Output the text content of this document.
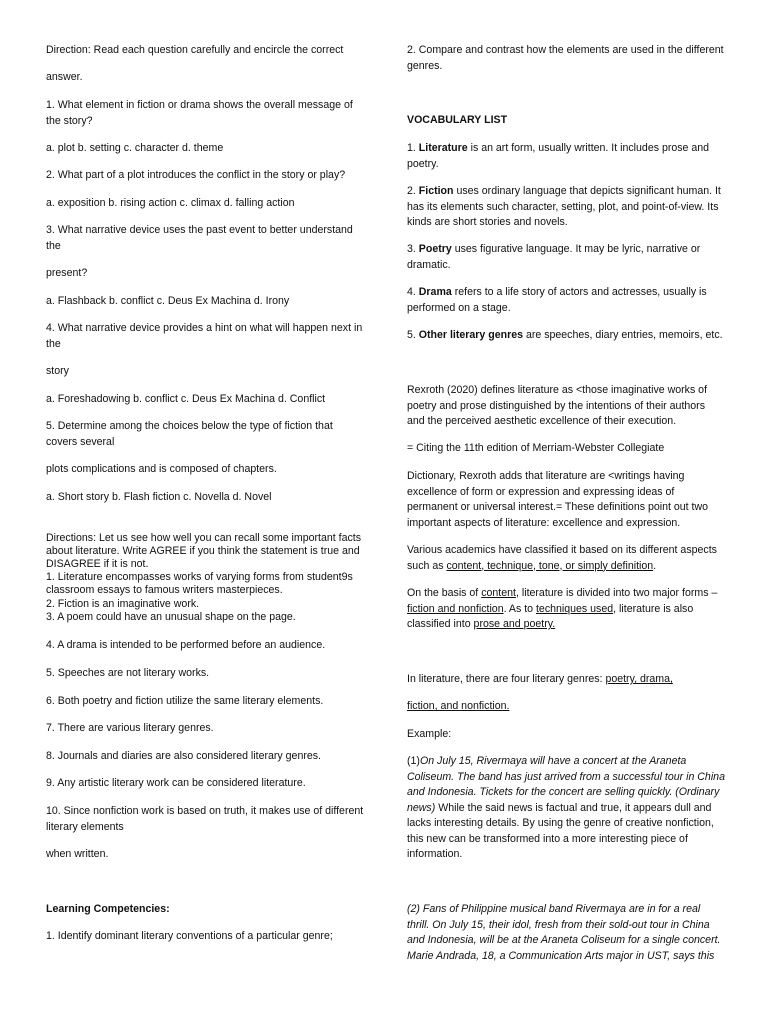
Direction: Read each question carefully and encircle the correct

answer.

1. What element in fiction or drama shows the overall message of the story?

a. plot b. setting c. character d. theme

2. What part of a plot introduces the conflict in the story or play?

a. exposition b. rising action c. climax d. falling action

3. What narrative device uses the past event to better understand the

present?

a. Flashback b. conflict c. Deus Ex Machina d. Irony

4. What narrative device provides a hint on what will happen next in the

story

a. Foreshadowing b. conflict c. Deus Ex Machina d. Conflict

5. Determine among the choices below the type of fiction that covers several

plots complications and is composed of chapters.

a. Short story b. Flash fiction c. Novella d. Novel

Directions: Let us see how well you can recall some important facts about literature. Write AGREE if you think the statement is true and DISAGREE if it is not.

1. Literature encompasses works of varying forms from student9s classroom essays to famous writers masterpieces.

2. Fiction is an imaginative work.

3. A poem could have an unusual shape on the page.

4. A drama is intended to be performed before an audience.

5. Speeches are not literary works.

6. Both poetry and fiction utilize the same literary elements.

7. There are various literary genres.

8. Journals and diaries are also considered literary genres.

9. Any artistic literary work can be considered literature.

10. Since nonfiction work is based on truth, it makes use of different literary elements

when written.

Learning Competencies:

1. Identify dominant literary conventions of a particular genre;

2. Compare and contrast how the elements are used in the different genres.

VOCABULARY LIST

1. Literature is an art form, usually written. It includes prose and poetry.

2. Fiction uses ordinary language that depicts significant human. It has its elements such character, setting, plot, and point-of-view. Its kinds are short stories and novels.

3. Poetry uses figurative language. It may be lyric, narrative or dramatic.

4. Drama refers to a life story of actors and actresses, usually is performed on a stage.

5. Other literary genres are speeches, diary entries, memoirs, etc.

Rexroth (2020) defines literature as <those imaginative works of poetry and prose distinguished by the intentions of their authors and the perceived aesthetic excellence of their execution.

= Citing the 11th edition of Merriam-Webster Collegiate

Dictionary, Rexroth adds that literature are <writings having excellence of form or expression and expressing ideas of permanent or universal interest.= These definitions point out two important aspects of literature: excellence and expression.

Various academics have classified it based on its different aspects such as content, technique, tone, or simply definition.

On the basis of content, literature is divided into two major forms – fiction and nonfiction. As to techniques used, literature is also classified into prose and poetry.

In literature, there are four literary genres: poetry, drama,

fiction, and nonfiction.

Example:

(1)On July 15, Rivermaya will have a concert at the Araneta Coliseum. The band has just arrived from a successful tour in China and Indonesia. Tickets for the concert are selling quickly. (Ordinary news) While the said news is factual and true, it appears dull and lacks interesting details. By using the genre of creative nonfiction, this new can be transformed into a more interesting piece of information.

(2) Fans of Philippine musical band Rivermaya are in for a real thrill. On July 15, their idol, fresh from their sold-out tour in China and Indonesia, will be at the Araneta Coliseum for a single concert. Marie Andrada, 18, a Communication Arts major in UST, says this
